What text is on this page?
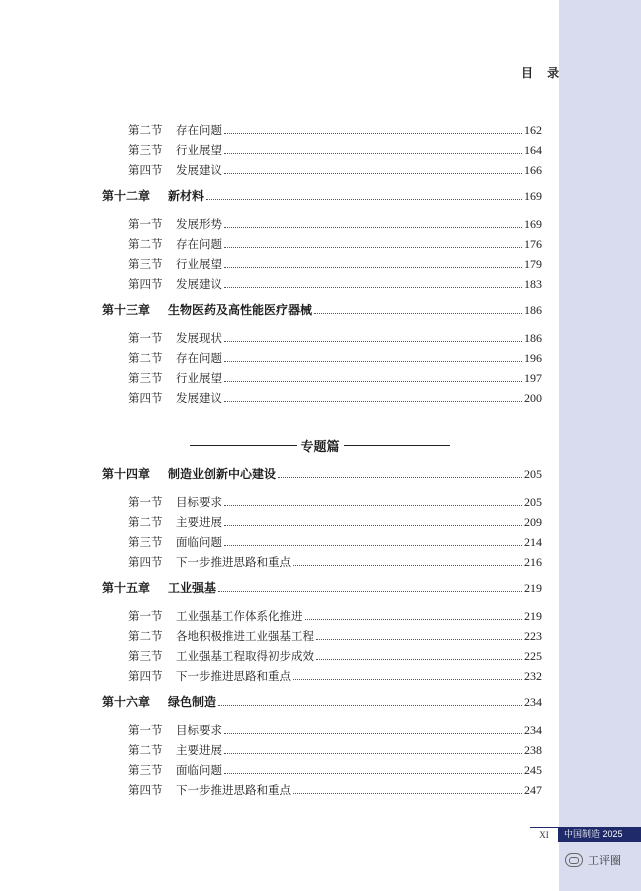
目 录
第二节	存在问题	162
第三节	行业展望	164
第四节	发展建议	166
第十二章 新材料	169
第一节	发展形势	169
第二节	存在问题	176
第三节	行业展望	179
第四节	发展建议	183
第十三章 生物医药及高性能医疗器械	186
第一节	发展现状	186
第二节	存在问题	196
第三节	行业展望	197
第四节	发展建议	200
第十四章 制造业创新中心建设	205
第一节	目标要求	205
第二节	主要进展	209
第三节	面临问题	214
第四节	下一步推进思路和重点	216
第十五章 工业强基	219
第一节	工业强基工作体系化推进	219
第二节	各地积极推进工业强基工程	223
第三节	工业强基工程取得初步成效	225
第四节	下一步推进思路和重点	232
第十六章 绿色制造	234
第一节	目标要求	234
第二节	主要进展	238
第三节	面临问题	245
第四节	下一步推进思路和重点	247
专题篇
XI	中国制造 2025
工评圈
